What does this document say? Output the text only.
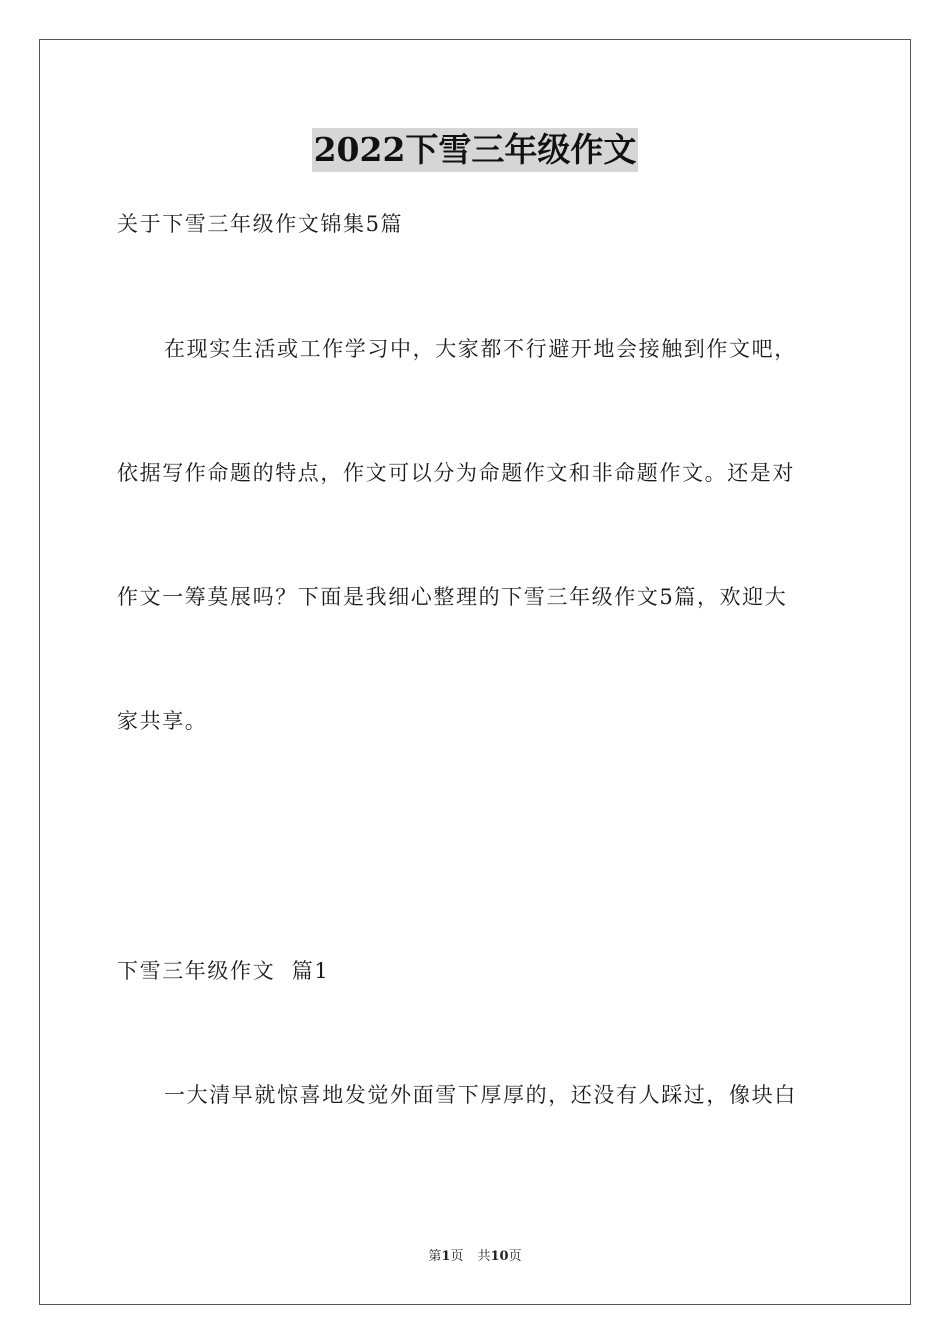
2022下雪三年级作文

关于下雪三年级作文锦集5篇

在现实生活或工作学习中，大家都不行避开地会接触到作文吧，

依据写作命题的特点，作文可以分为命题作文和非命题作文。还是对

作文一筹莫展吗？下面是我细心整理的下雪三年级作文5篇，欢迎大

家共享。

下雪三年级作文  篇1

一大清早就惊喜地发觉外面雪下厚厚的，还没有人踩过，像块白

第1页 共10页
